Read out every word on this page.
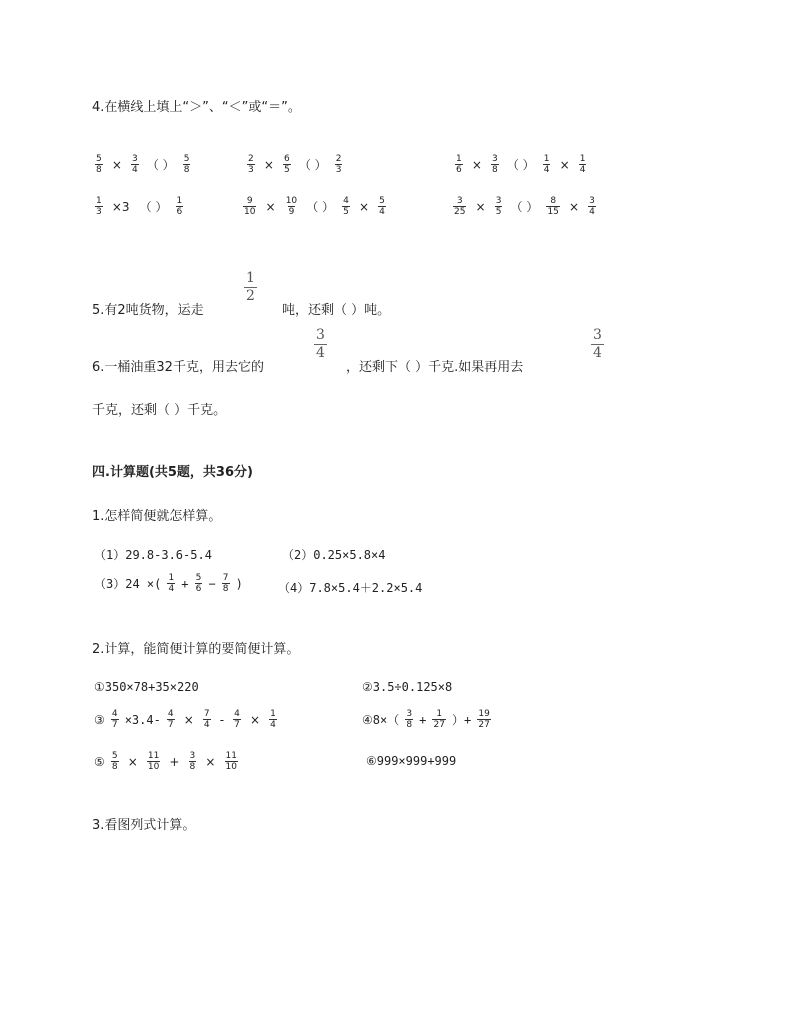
4.在横线上填上“＞”、“＜”或“＝”。
$\frac{5}{8} \times \frac{3}{4}$ （ ） $\frac{5}{8}$	$\frac{2}{3} \times \frac{6}{5}$ （ ） $\frac{2}{3}$	$\frac{1}{6} \times \frac{3}{8}$ （ ） $\frac{1}{4} \times \frac{1}{4}$
$\frac{1}{3} \times 3$ （ ） $\frac{1}{6}$	$\frac{9}{10} \times \frac{10}{9}$ （ ） $\frac{4}{5} \times \frac{5}{4}$	$\frac{3}{25} \times \frac{3}{5}$ （ ） $\frac{8}{15} \times \frac{3}{4}$
1
2
5.有2吨货物，运走	吨，还剩（ ）吨。
3
4
3
4
6.一桶油重32千克，用去它的	，还剩下（ ）千克.如果再用去
千克，还剩（ ）千克。
四.计算题(共5题，共36分)
1.怎样简便就怎样算。
（1）29.8-3.6-5.4	（2）0.25×5.8×4
（3）24 ×( $\frac{1}{4} + \frac{5}{6} - \frac{7}{8}$ )	（4）7.8×5.4＋2.2×5.4
2.计算，能简便计算的要简便计算。
①350×78+35×220	②3.5÷0.125×8
③ $\frac{4}{7} \times 3.4- \frac{4}{7} \times \frac{7}{4} - \frac{4}{7} \times \frac{1}{4}$	④8×（ $\frac{3}{8} + \frac{1}{27}$ ）+ $\frac{19}{27}$
⑤ $\frac{5}{8} \times \frac{11}{10} + \frac{3}{8} \times \frac{11}{10}$	⑥999×999+999
3.看图列式计算。
